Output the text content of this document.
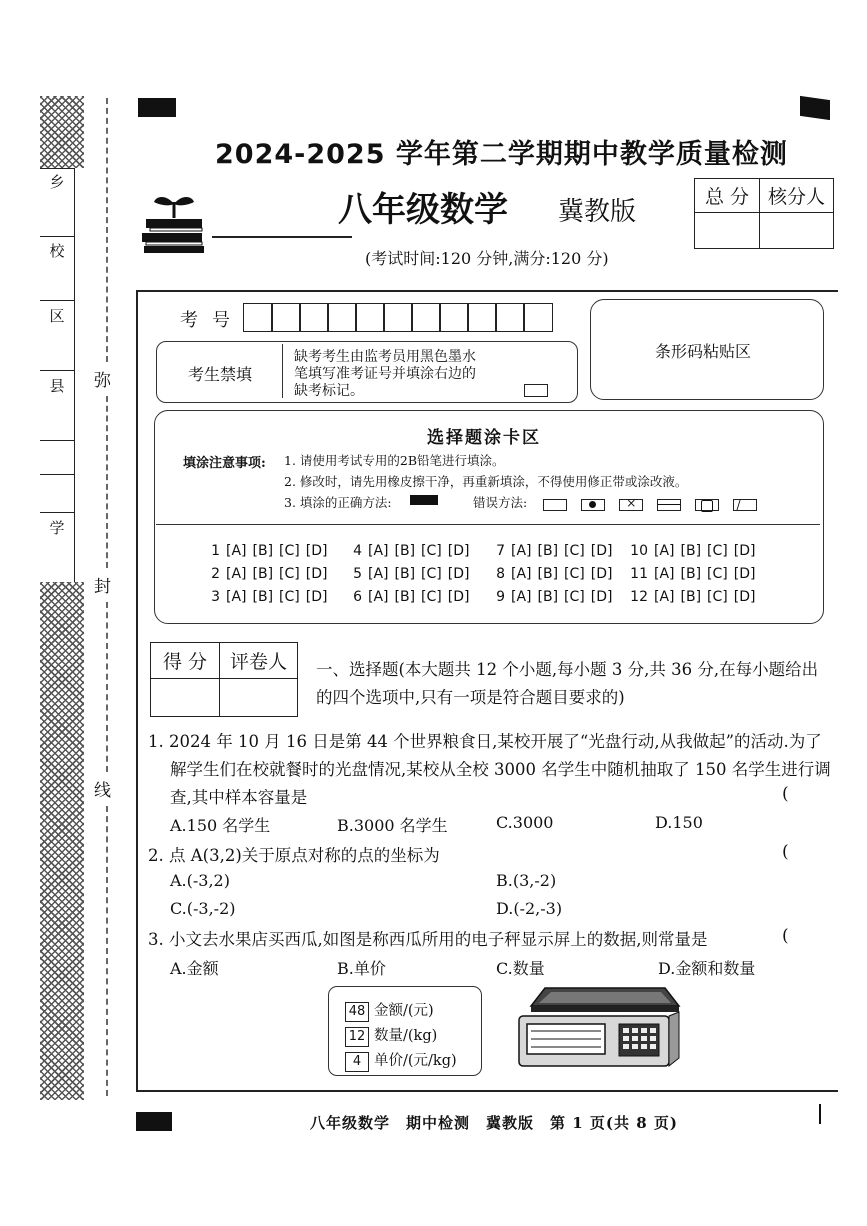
乡
校
区
县
学
弥
封
线
2024-2025 学年第二学期期中教学质量检测
八年级数学 冀教版
(考试时间:120 分钟,满分:120 分)
总 分	核分人

考号
考生禁填
缺考考生由监考员用黑色墨水
笔填写准考证号并填涂右边的
缺考标记。
条形码粘贴区
选择题涂卡区
填涂注意事项: 1. 请使用考试专用的2B铅笔进行填涂。
2. 修改时，请先用橡皮擦干净，再重新填涂，不得使用修正带或涂改液。
3. 填涂的正确方法:	错误方法:

	×

	/
1 [A] [B] [C] [D]
2 [A] [B] [C] [D]
3 [A] [B] [C] [D]
4 [A] [B] [C] [D]
5 [A] [B] [C] [D]
6 [A] [B] [C] [D]
7 [A] [B] [C] [D]
8 [A] [B] [C] [D]
9 [A] [B] [C] [D]
10 [A] [B] [C] [D]
11 [A] [B] [C] [D]
12 [A] [B] [C] [D]
得 分	评卷人
	一、选择题(本大题共 12 个小题,每小题 3 分,共 36 分,在每小题给出
的四个选项中,只有一项是符合题目要求的)
1. 2024 年 10 月 16 日是第 44 个世界粮食日,某校开展了“光盘行动,从我做起”的活动.为了
解学生们在校就餐时的光盘情况,某校从全校 3000 名学生中随机抽取了 150 名学生进行调
查,其中样本容量是	(
A.150 名学生	B.3000 名学生	C.3000	D.150
2. 点 A(3,2)关于原点对称的点的坐标为	(
A.(-3,2)	B.(3,-2)
C.(-3,-2)	D.(-2,-3)
3. 小文去水果店买西瓜,如图是称西瓜所用的电子秤显示屏上的数据,则常量是	(
A.金额	B.单价	C.数量	D.金额和数量
48 金额/(元)
12 数量/(kg)
4 单价/(元/kg)
八年级数学　期中检测　冀教版　第 1 页(共 8 页)
